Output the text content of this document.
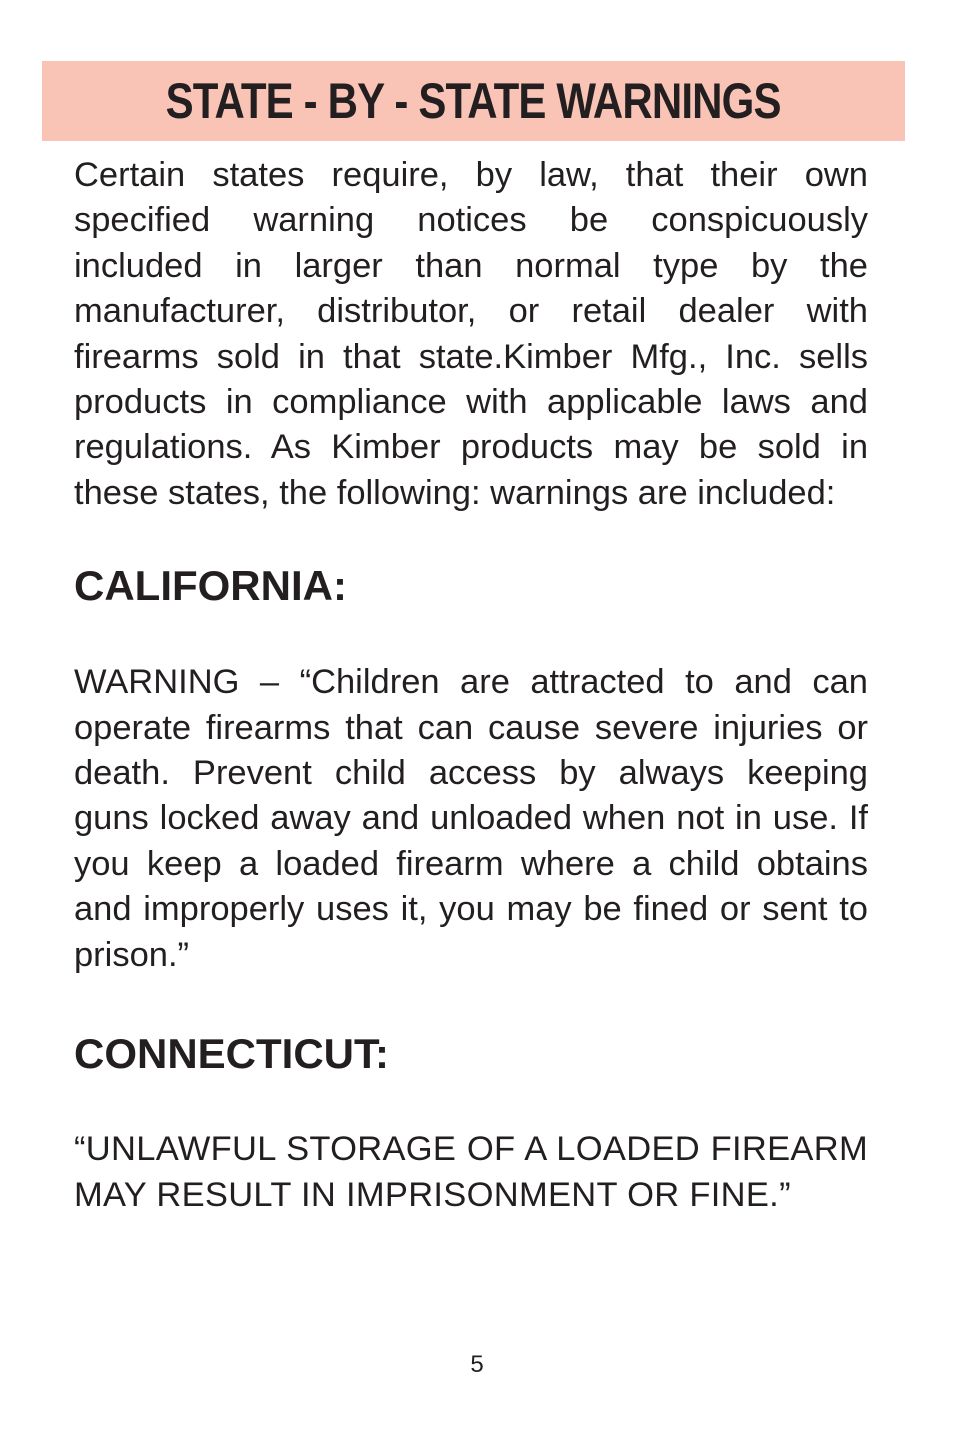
STATE - BY - STATE WARNINGS

Certain states require, by law, that their own specified warning notices be conspicuously included in larger than normal type by the manufacturer, distributor, or retail dealer with firearms sold in that state.Kimber Mfg., Inc. sells products in compliance with applicable laws and regulations. As Kimber products may be sold in these states, the following: warnings are included:

CALIFORNIA:

WARNING – “Children are attracted to and can operate firearms that can cause severe injuries or death. Prevent child access by always keeping guns locked away and unloaded when not in use. If you keep a loaded firearm where a child obtains and improperly uses it, you may be fined or sent to prison.”

CONNECTICUT:

“UNLAWFUL STORAGE OF A LOADED FIREARM MAY RESULT IN IMPRISONMENT OR FINE.”

5
